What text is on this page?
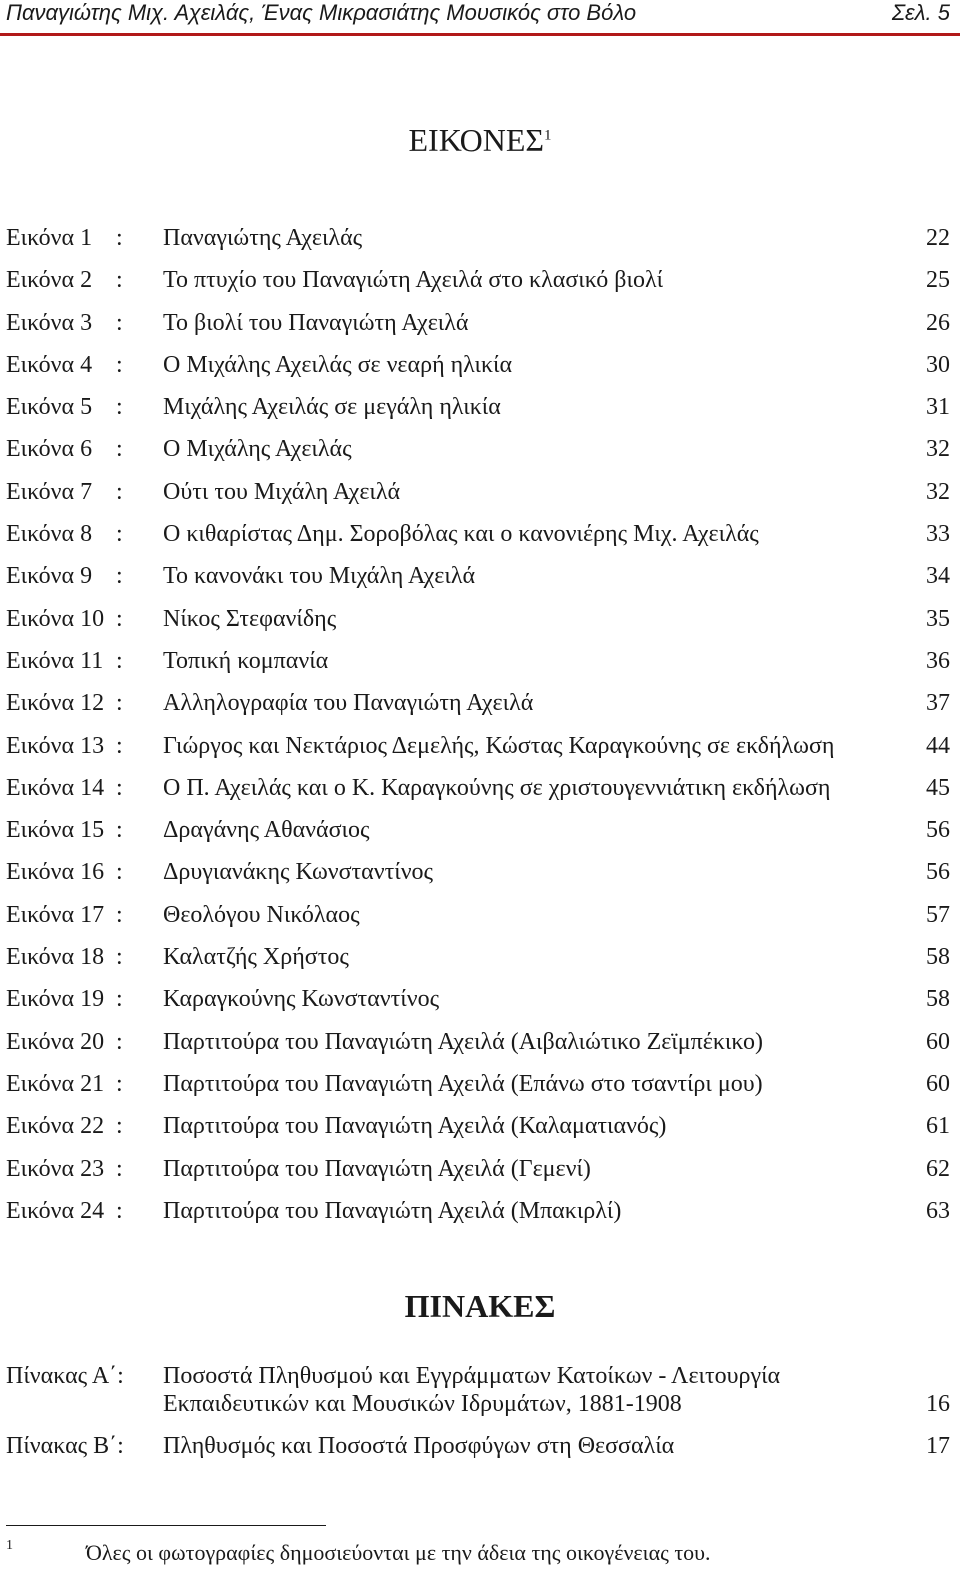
Παναγιώτης Μιχ. Αχειλάς, Ένας Μικρασιάτης Μουσικός στο Βόλο	Σελ. 5
ΕΙΚΟΝΕΣ$^1$
Εικόνα 1 : Παναγιώτης Αχειλάς	22
Εικόνα 2 : Το πτυχίο του Παναγιώτη Αχειλά στο κλασικό βιολί	25
Εικόνα 3 : Το βιολί του Παναγιώτη Αχειλά	26
Εικόνα 4 : Ο Μιχάλης Αχειλάς σε νεαρή ηλικία	30
Εικόνα 5 : Μιχάλης Αχειλάς σε μεγάλη ηλικία	31
Εικόνα 6 : Ο Μιχάλης Αχειλάς	32
Εικόνα 7 : Ούτι του Μιχάλη Αχειλά	32
Εικόνα 8 : Ο κιθαρίστας Δημ. Σοροβόλας και ο κανονιέρης Μιχ. Αχειλάς	33
Εικόνα 9 : Το κανονάκι του Μιχάλη Αχειλά	34
Εικόνα 10 : Νίκος Στεφανίδης	35
Εικόνα 11 : Τοπική κομπανία	36
Εικόνα 12 : Αλληλογραφία του Παναγιώτη Αχειλά	37
Εικόνα 13 : Γιώργος και Νεκτάριος Δεμελής, Κώστας Καραγκούνης σε εκδήλωση	44
Εικόνα 14 : Ο Π. Αχειλάς και ο Κ. Καραγκούνης σε χριστουγεννιάτικη εκδήλωση	45
Εικόνα 15 : Δραγάνης Αθανάσιος	56
Εικόνα 16 : Δρυγιανάκης Κωνσταντίνος	56
Εικόνα 17 : Θεολόγου Νικόλαος	57
Εικόνα 18 : Καλατζής Χρήστος	58
Εικόνα 19 : Καραγκούνης Κωνσταντίνος	58
Εικόνα 20 : Παρτιτούρα του Παναγιώτη Αχειλά (Αιβαλιώτικο Ζεϊμπέκικο)	60
Εικόνα 21 : Παρτιτούρα του Παναγιώτη Αχειλά (Επάνω στο τσαντίρι μου)	60
Εικόνα 22 : Παρτιτούρα του Παναγιώτη Αχειλά (Καλαματιανός)	61
Εικόνα 23 : Παρτιτούρα του Παναγιώτη Αχειλά (Γεμενί)	62
Εικόνα 24 : Παρτιτούρα του Παναγιώτη Αχειλά (Μπακιρλί)	63
ΠΙΝΑΚΕΣ
Πίνακας Α΄: Ποσοστά Πληθυσμού και Εγγράμματων Κατοίκων - Λειτουργία
Εκπαιδευτικών και Μουσικών Ιδρυμάτων, 1881-1908	16
Πίνακας Β΄: Πληθυσμός και Ποσοστά Προσφύγων στη Θεσσαλία	17
1	Όλες οι φωτογραφίες δημοσιεύονται με την άδεια της οικογένειας του.
